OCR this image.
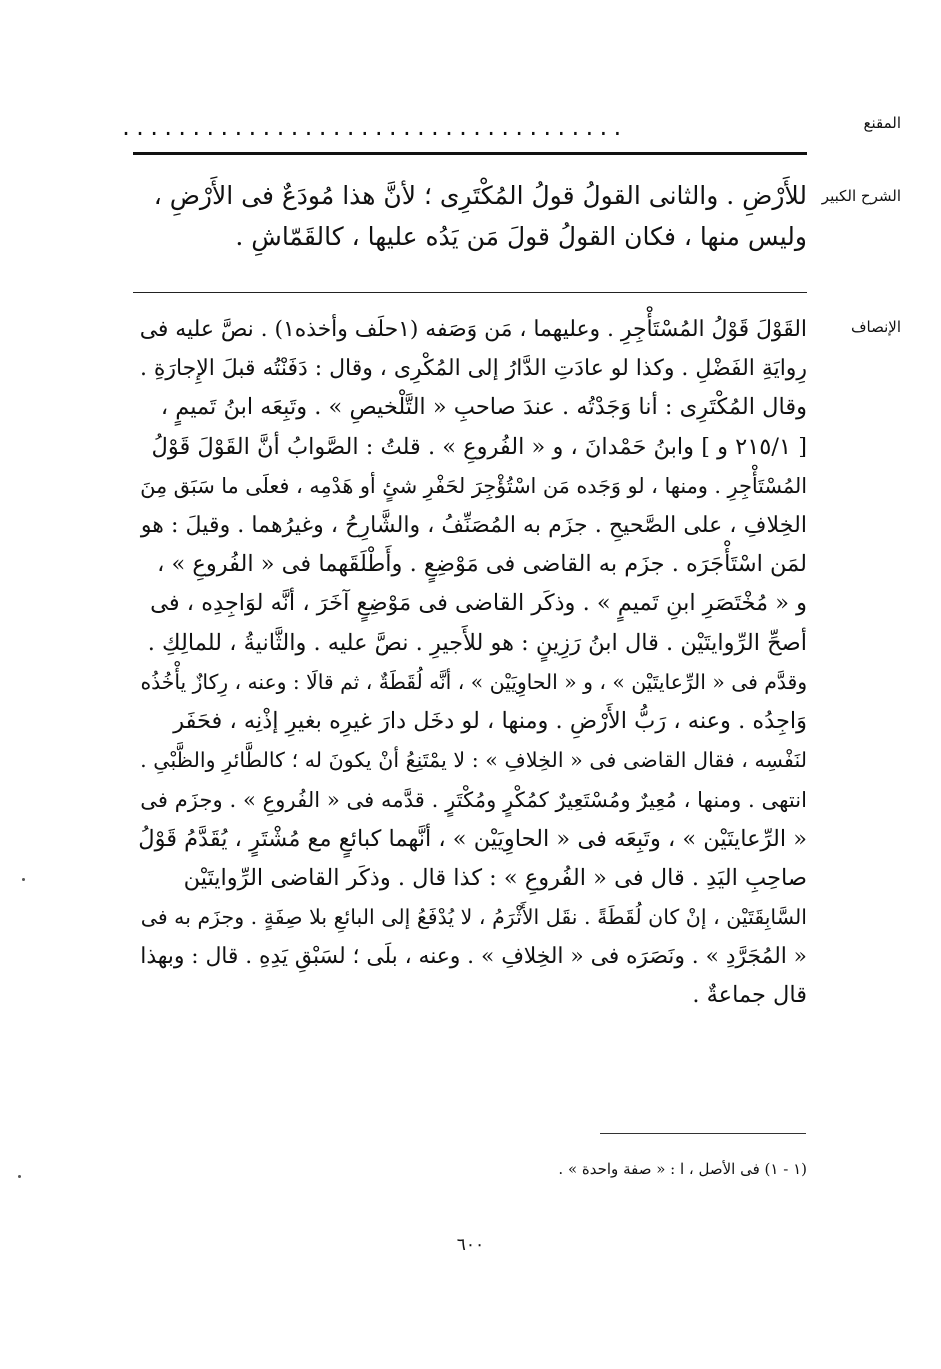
المقنع
....................................
الشرح الكبير
للأَرْضِ . والثانى القولُ قولُ المُكْتَرِى ؛ لأنَّ هذا مُودَعٌ فى الأَرْضِ ،
وليس منها ، فكان القولُ قولَ مَن يَدُه عليها ، كالقَمّاشِ .
الإنصاف
القَوْلَ قَوْلُ المُسْتَأْجِرِ . وعليهما ، مَن وَصَفه (١حلَف وأخذه١) . نصَّ عليه فى
رِوايَةِ الفَضْلِ . وكذا لو عادَتِ الدَّارُ إلى المُكْرِى ، وقال : دَفَنْتُه قبلَ الإِجارَةِ .
وقال المُكْتَرِى : أنا وَجَدْتُه . عندَ صاحبِ « التَّلْخيصِ » . وتَبِعَه ابنُ تَميمٍ ،
[ ٢١٥/١ و ] وابنُ حَمْدانَ ، و « الفُروعِ » . قلتُ : الصَّوابُ أنَّ القَوْلَ قَوْلُ
المُسْتَأْجِرِ . ومنها ، لو وَجَده مَن اسْتُؤْجِرَ لحَفْرِ شئٍ أو هَدْمِه ، فعلَى ما سَبَق مِنَ
الخِلافِ ، على الصَّحيحِ . جزَم به المُصَنِّفُ ، والشَّارِحُ ، وغيرُهما . وقيلَ : هو
لمَن اسْتَأْجَرَه . جزَم به القاضى فى مَوْضِعٍ . وأَطْلَقَهما فى « الفُروعِ » ،
و « مُخْتَصَرِ ابنِ تَميمٍ » . وذكَر القاضى فى مَوْضِعٍ آخَرَ ، أنَّه لوَاجِدِه ، فى
أصحِّ الرِّوايتَيْن . قال ابنُ رَزِينٍ : هو للأَجيرِ . نصَّ عليه . والثَّانيةُ ، للمالِكِ .
وقدَّم فى « الرِّعايتَيْن » ، و « الحاوِيَيْن » ، أنَّه لُقَطَةٌ ، ثم قالَا : وعنه ، رِكازٌ يأْخُذُه
وَاجِدُه . وعنه ، رَبُّ الأَرْضِ . ومنها ، لو دخَل دارَ غيرِه بغيرِ إذْنِه ، فحَفَر
لنَفْسِه ، فقال القاضى فى « الخِلافِ » : لا يمْتَنِعُ أنْ يكونَ له ؛ كالطَّائرِ والظَّبْىِ .
انتهى . ومنها ، مُعِيرٌ ومُسْتَعِيرٌ كمُكْرٍ ومُكْتَرٍ . قدَّمه فى « الفُروعِ » . وجزَم فى
« الرِّعايتَيْن » ، وتَبِعَه فى « الحاوِيَيْن » ، أنَّهما كبائعٍ مع مُشْتَرٍ ، يُقَدَّمُ قَوْلُ
صاحِبِ اليَدِ . قال فى « الفُروعِ » : كذا قال . وذكَر القاضى الرِّوايتَيْن
السَّابِقَتَيْن ، إنْ كان لُقَطَةً . نقَل الأَثْرَمُ ، لا يُدْفَعُ إلى البائعِ بلا صِفَةٍ . وجزَم به فى
« المُجَرَّدِ » . ونَصَرَه فى « الخِلافِ » . وعنه ، بلَى ؛ لسَبْقِ يَدِهِ . قال : وبهذا
قال جماعةٌ .
(١ - ١) فى الأصل ، ا : « صفة واحدة » .
٦٠٠
